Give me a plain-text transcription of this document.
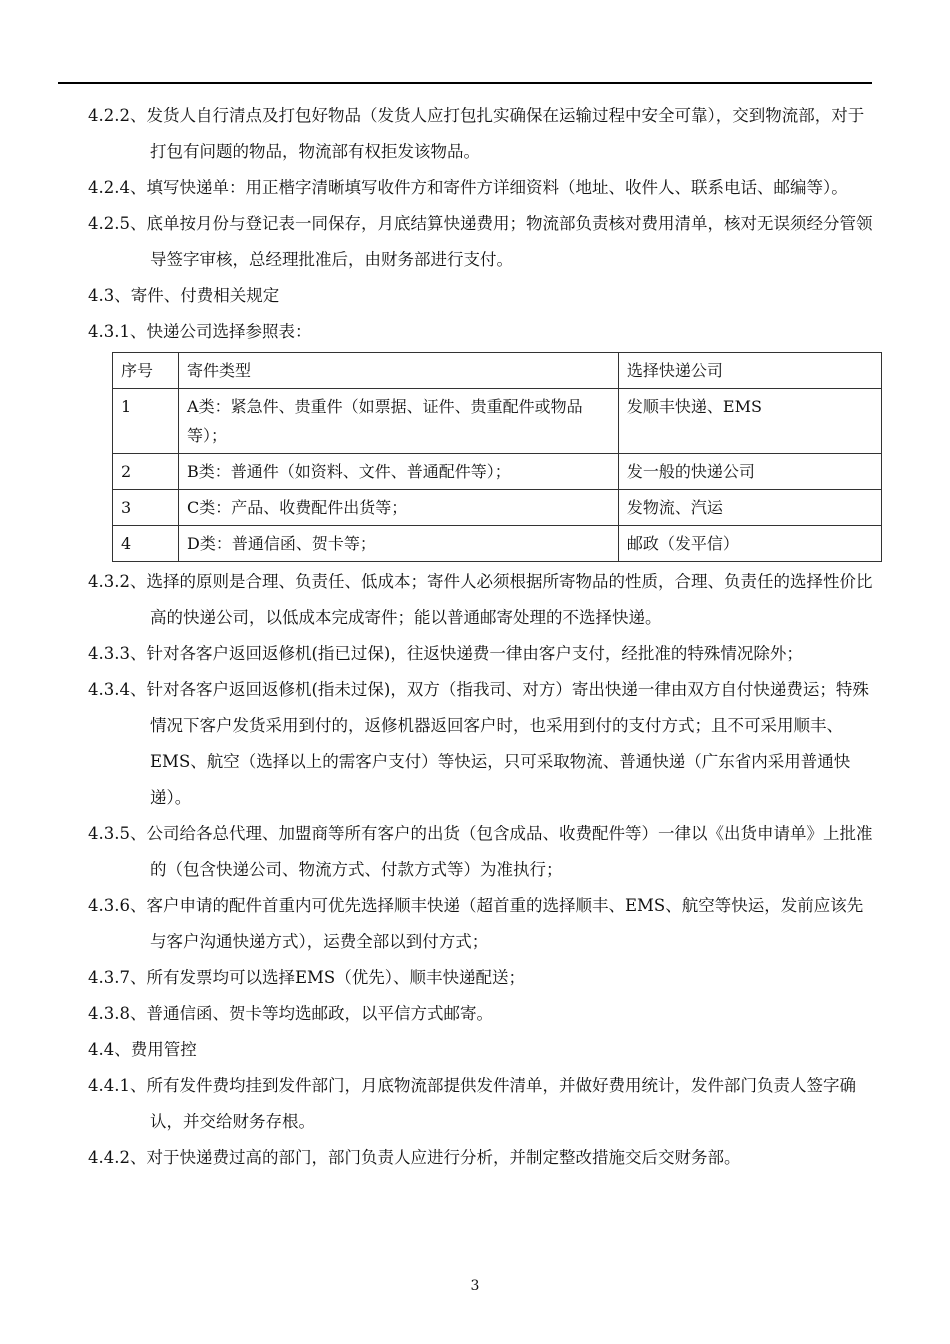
4.2.2、发货人自行清点及打包好物品（发货人应打包扎实确保在运输过程中安全可靠），交到物流部，对于打包有问题的物品，物流部有权拒发该物品。

4.2.4、填写快递单：用正楷字清晰填写收件方和寄件方详细资料（地址、收件人、联系电话、邮编等）。

4.2.5、底单按月份与登记表一同保存，月底结算快递费用；物流部负责核对费用清单，核对无误须经分管领导签字审核，总经理批准后，由财务部进行支付。

4.3、寄件、付费相关规定

4.3.1、快递公司选择参照表：

序号	寄件类型	选择快递公司
1	A类：紧急件、贵重件（如票据、证件、贵重配件或物品等）；	发顺丰快递、EMS
2	B类：普通件（如资料、文件、普通配件等）；	发一般的快递公司
3	C类：产品、收费配件出货等；	发物流、汽运
4	D类：普通信函、贺卡等；	邮政（发平信）

4.3.2、选择的原则是合理、负责任、低成本；寄件人必须根据所寄物品的性质，合理、负责任的选择性价比高的快递公司，以低成本完成寄件；能以普通邮寄处理的不选择快递。

4.3.3、针对各客户返回返修机(指已过保)，往返快递费一律由客户支付，经批准的特殊情况除外；

4.3.4、针对各客户返回返修机(指未过保)，双方（指我司、对方）寄出快递一律由双方自付快递费运；特殊情况下客户发货采用到付的，返修机器返回客户时，也采用到付的支付方式；且不可采用顺丰、EMS、航空（选择以上的需客户支付）等快运，只可采取物流、普通快递（广东省内采用普通快递）。

4.3.5、公司给各总代理、加盟商等所有客户的出货（包含成品、收费配件等）一律以《出货申请单》上批准的（包含快递公司、物流方式、付款方式等）为准执行；

4.3.6、客户申请的配件首重内可优先选择顺丰快递（超首重的选择顺丰、EMS、航空等快运，发前应该先与客户沟通快递方式），运费全部以到付方式；

4.3.7、所有发票均可以选择EMS（优先）、顺丰快递配送；

4.3.8、普通信函、贺卡等均选邮政，以平信方式邮寄。

4.4、费用管控

4.4.1、所有发件费均挂到发件部门，月底物流部提供发件清单，并做好费用统计，发件部门负责人签字确认，并交给财务存根。

4.4.2、对于快递费过高的部门，部门负责人应进行分析，并制定整改措施交后交财务部。

3
